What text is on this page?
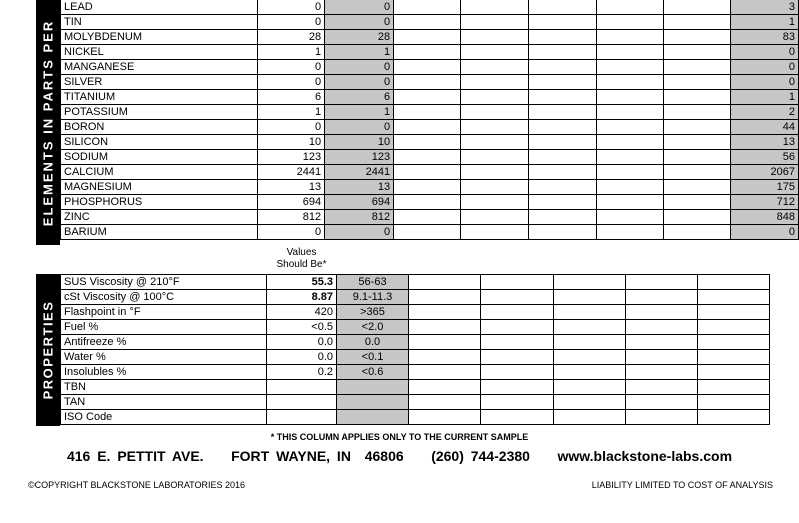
ELEMENTS IN PARTS PER
PROPERTIES
LEAD	0	0						3
TIN	0	0						1
MOLYBDENUM	28	28						83
NICKEL	1	1						0
MANGANESE	0	0						0
SILVER	0	0						0
TITANIUM	6	6						1
POTASSIUM	1	1						2
BORON	0	0						44
SILICON	10	10						13
SODIUM	123	123						56
CALCIUM	2441	2441						2067
MAGNESIUM	13	13						175
PHOSPHORUS	694	694						712
ZINC	812	812						848
BARIUM	0	0						0
Values
Should Be*
SUS Viscosity @ 210°F	55.3	56-63					
cSt Viscosity @ 100°C	8.87	9.1-11.3					
Flashpoint in °F	420	>365					
Fuel %	<0.5	<2.0					
Antifreeze %	0.0	0.0					
Water %	0.0	<0.1					
Insolubles %	0.2	<0.6					
TBN							
TAN							
ISO Code							
* THIS COLUMN APPLIES ONLY TO THE CURRENT SAMPLE
416 E. PETTIT AVE.    FORT WAYNE, IN  46806    (260) 744-2380    www.blackstone-labs.com
©COPYRIGHT BLACKSTONE LABORATORIES 2016	LIABILITY LIMITED TO COST OF ANALYSIS
